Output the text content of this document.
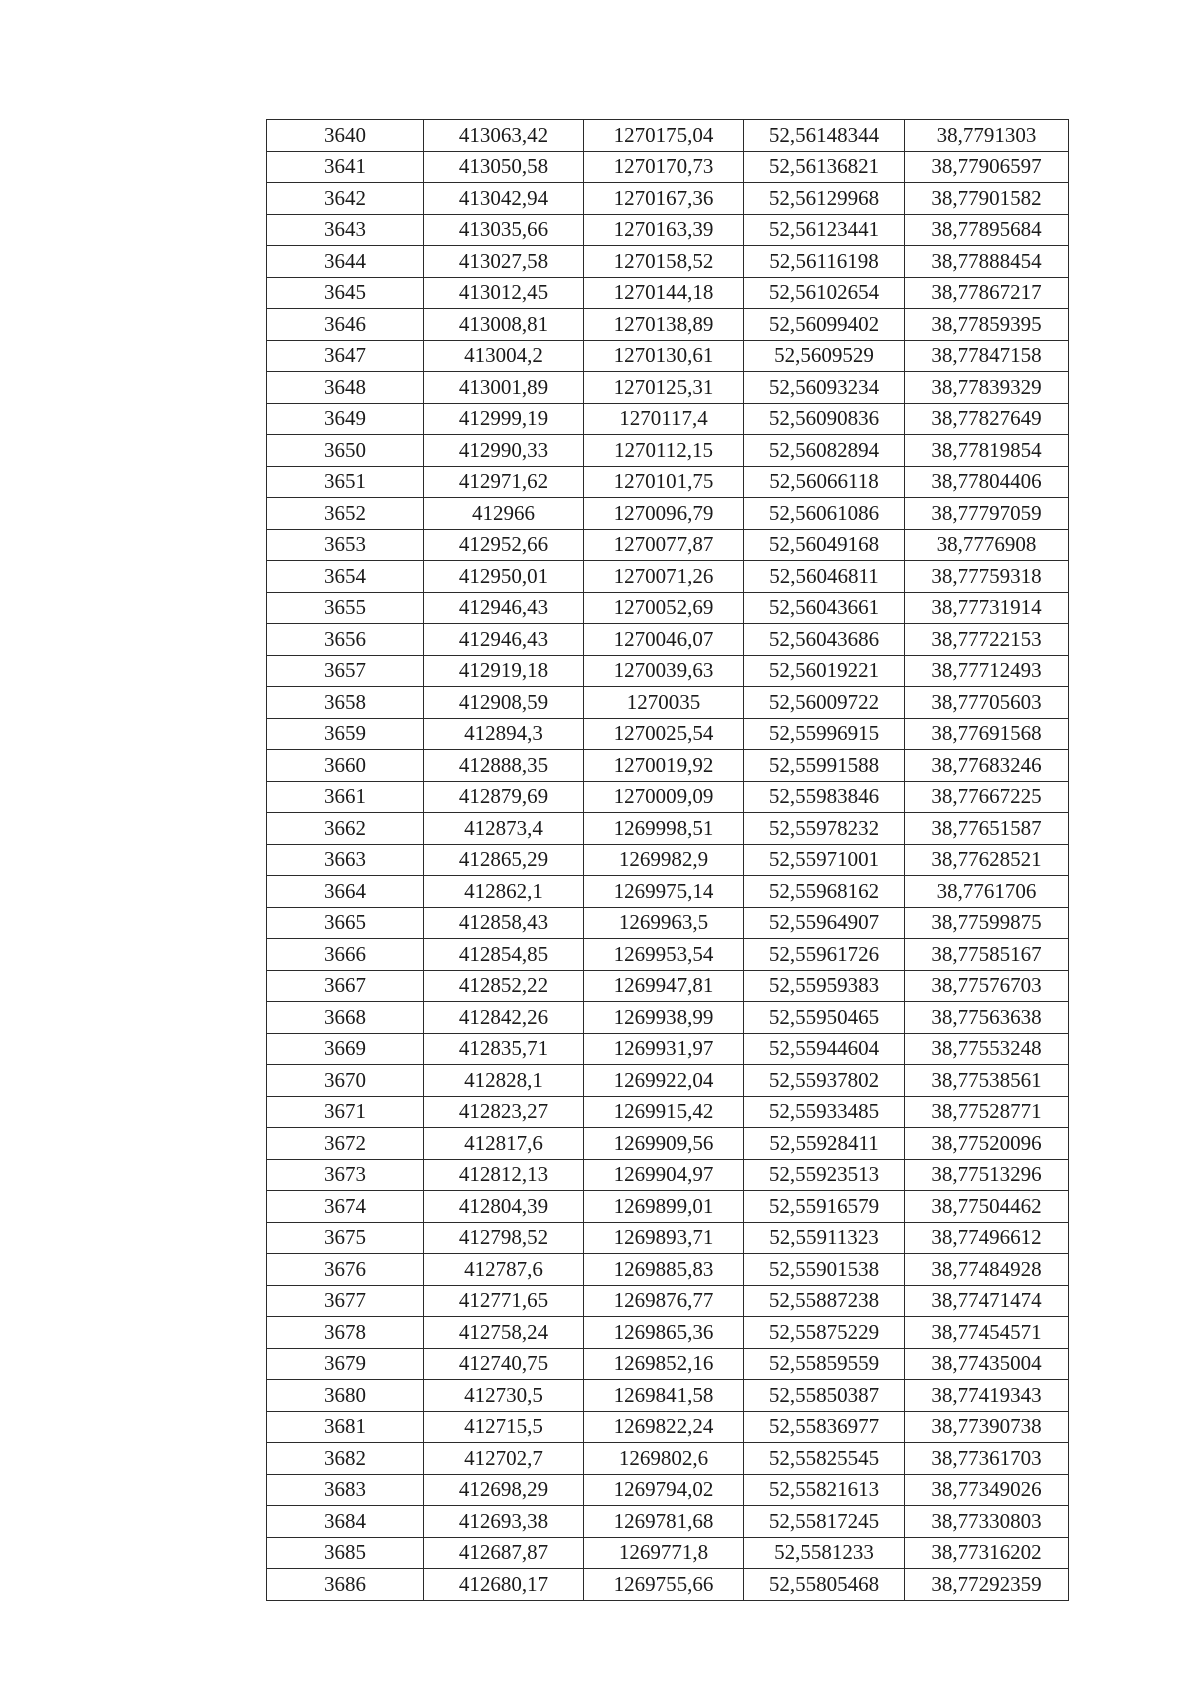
3640	413063,42	1270175,04	52,56148344	38,7791303
3641	413050,58	1270170,73	52,56136821	38,77906597
3642	413042,94	1270167,36	52,56129968	38,77901582
3643	413035,66	1270163,39	52,56123441	38,77895684
3644	413027,58	1270158,52	52,56116198	38,77888454
3645	413012,45	1270144,18	52,56102654	38,77867217
3646	413008,81	1270138,89	52,56099402	38,77859395
3647	413004,2	1270130,61	52,5609529	38,77847158
3648	413001,89	1270125,31	52,56093234	38,77839329
3649	412999,19	1270117,4	52,56090836	38,77827649
3650	412990,33	1270112,15	52,56082894	38,77819854
3651	412971,62	1270101,75	52,56066118	38,77804406
3652	412966	1270096,79	52,56061086	38,77797059
3653	412952,66	1270077,87	52,56049168	38,7776908
3654	412950,01	1270071,26	52,56046811	38,77759318
3655	412946,43	1270052,69	52,56043661	38,77731914
3656	412946,43	1270046,07	52,56043686	38,77722153
3657	412919,18	1270039,63	52,56019221	38,77712493
3658	412908,59	1270035	52,56009722	38,77705603
3659	412894,3	1270025,54	52,55996915	38,77691568
3660	412888,35	1270019,92	52,55991588	38,77683246
3661	412879,69	1270009,09	52,55983846	38,77667225
3662	412873,4	1269998,51	52,55978232	38,77651587
3663	412865,29	1269982,9	52,55971001	38,77628521
3664	412862,1	1269975,14	52,55968162	38,7761706
3665	412858,43	1269963,5	52,55964907	38,77599875
3666	412854,85	1269953,54	52,55961726	38,77585167
3667	412852,22	1269947,81	52,55959383	38,77576703
3668	412842,26	1269938,99	52,55950465	38,77563638
3669	412835,71	1269931,97	52,55944604	38,77553248
3670	412828,1	1269922,04	52,55937802	38,77538561
3671	412823,27	1269915,42	52,55933485	38,77528771
3672	412817,6	1269909,56	52,55928411	38,77520096
3673	412812,13	1269904,97	52,55923513	38,77513296
3674	412804,39	1269899,01	52,55916579	38,77504462
3675	412798,52	1269893,71	52,55911323	38,77496612
3676	412787,6	1269885,83	52,55901538	38,77484928
3677	412771,65	1269876,77	52,55887238	38,77471474
3678	412758,24	1269865,36	52,55875229	38,77454571
3679	412740,75	1269852,16	52,55859559	38,77435004
3680	412730,5	1269841,58	52,55850387	38,77419343
3681	412715,5	1269822,24	52,55836977	38,77390738
3682	412702,7	1269802,6	52,55825545	38,77361703
3683	412698,29	1269794,02	52,55821613	38,77349026
3684	412693,38	1269781,68	52,55817245	38,77330803
3685	412687,87	1269771,8	52,5581233	38,77316202
3686	412680,17	1269755,66	52,55805468	38,77292359
